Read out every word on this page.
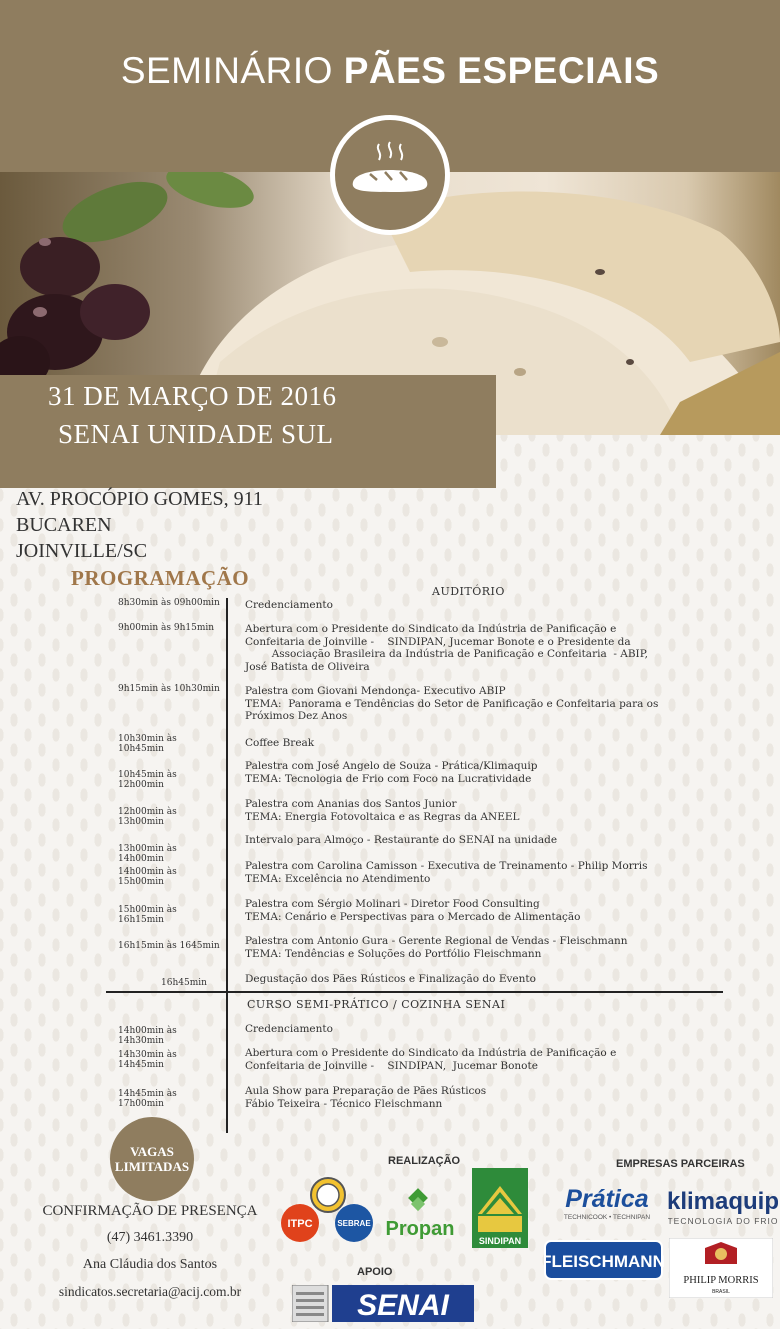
SEMINÁRIO PÃES ESPECIAIS
31 DE MARÇO DE 2016
SENAI UNIDADE SUL
AV. PROCÓPIO GOMES, 911
BUCAREN
JOINVILLE/SC
PROGRAMAÇÃO
AUDITÓRIO
8h30min às 09h00min Credenciamento
9h00min às 9h15min	Abertura com o Presidente do Sindicato da Indústria de Panificação e
Confeitaria de Joinville -    SINDIPAN, Jucemar Bonote e o Presidente da
Associação Brasileira da Indústria de Panificação e Confeitaria  - ABIP,
José Batista de Oliveira
9h15min às 10h30min Palestra com Giovani Mendonça- Executivo ABIP
TEMA:  Panorama e Tendências do Setor de Panificação e Confeitaria para os
Próximos Dez Anos
10h30min às 10h45min	Coffee Break
10h45min às 12h00min
Palestra com José Angelo de Souza - Prática/Klimaquip
TEMA: Tecnologia de Frio com Foco na Lucratividade
12h00min às 13h00min
Palestra com Ananias dos Santos Junior
TEMA: Energia Fotovoltaica e as Regras da ANEEL
13h00min às 14h00min
Intervalo para Almoço - Restaurante do SENAI na unidade
14h00min às 15h00min
Palestra com Carolina Camisson - Executiva de Treinamento - Philip Morris
TEMA: Excelência no Atendimento
15h00min às 16h15min
Palestra com Sérgio Molinari - Diretor Food Consulting
TEMA: Cenário e Perspectivas para o Mercado de Alimentação
16h15min às 1645min Palestra com Antonio Gura - Gerente Regional de Vendas - Fleischmann
TEMA: Tendências e Soluções do Portfólio Fleischmann
16h45min	Degustação dos Pães Rústicos e Finalização do Evento
14h00min às 14h30min
Credenciamento
14h30min às 14h45min
Abertura com o Presidente do Sindicato da Indústria de Panificação e
Confeitaria de Joinville -    SINDIPAN,  Jucemar Bonote
14h45min às 17h00min
Aula Show para Preparação de Pães Rústicos
Fábio Teixeira - Técnico Fleischmann
CURSO SEMI-PRÁTICO / COZINHA SENAI
VAGAS
LIMITADAS
CONFIRMAÇÃO DE PRESENÇA
(47) 3461.3390
Ana Cláudia dos Santos
sindicatos.secretaria@acij.com.br
REALIZAÇÃO
APOIO
EMPRESAS PARCEIRAS
ITPC	SEBRAE Propan
SINDIPAN
SENAI
Prática
TECHNICOOK • TECHNIPAN
klimaquip
TECNOLOGIA DO FRIO
FLEISCHMANN
PHILIP MORRIS
BRASIL
